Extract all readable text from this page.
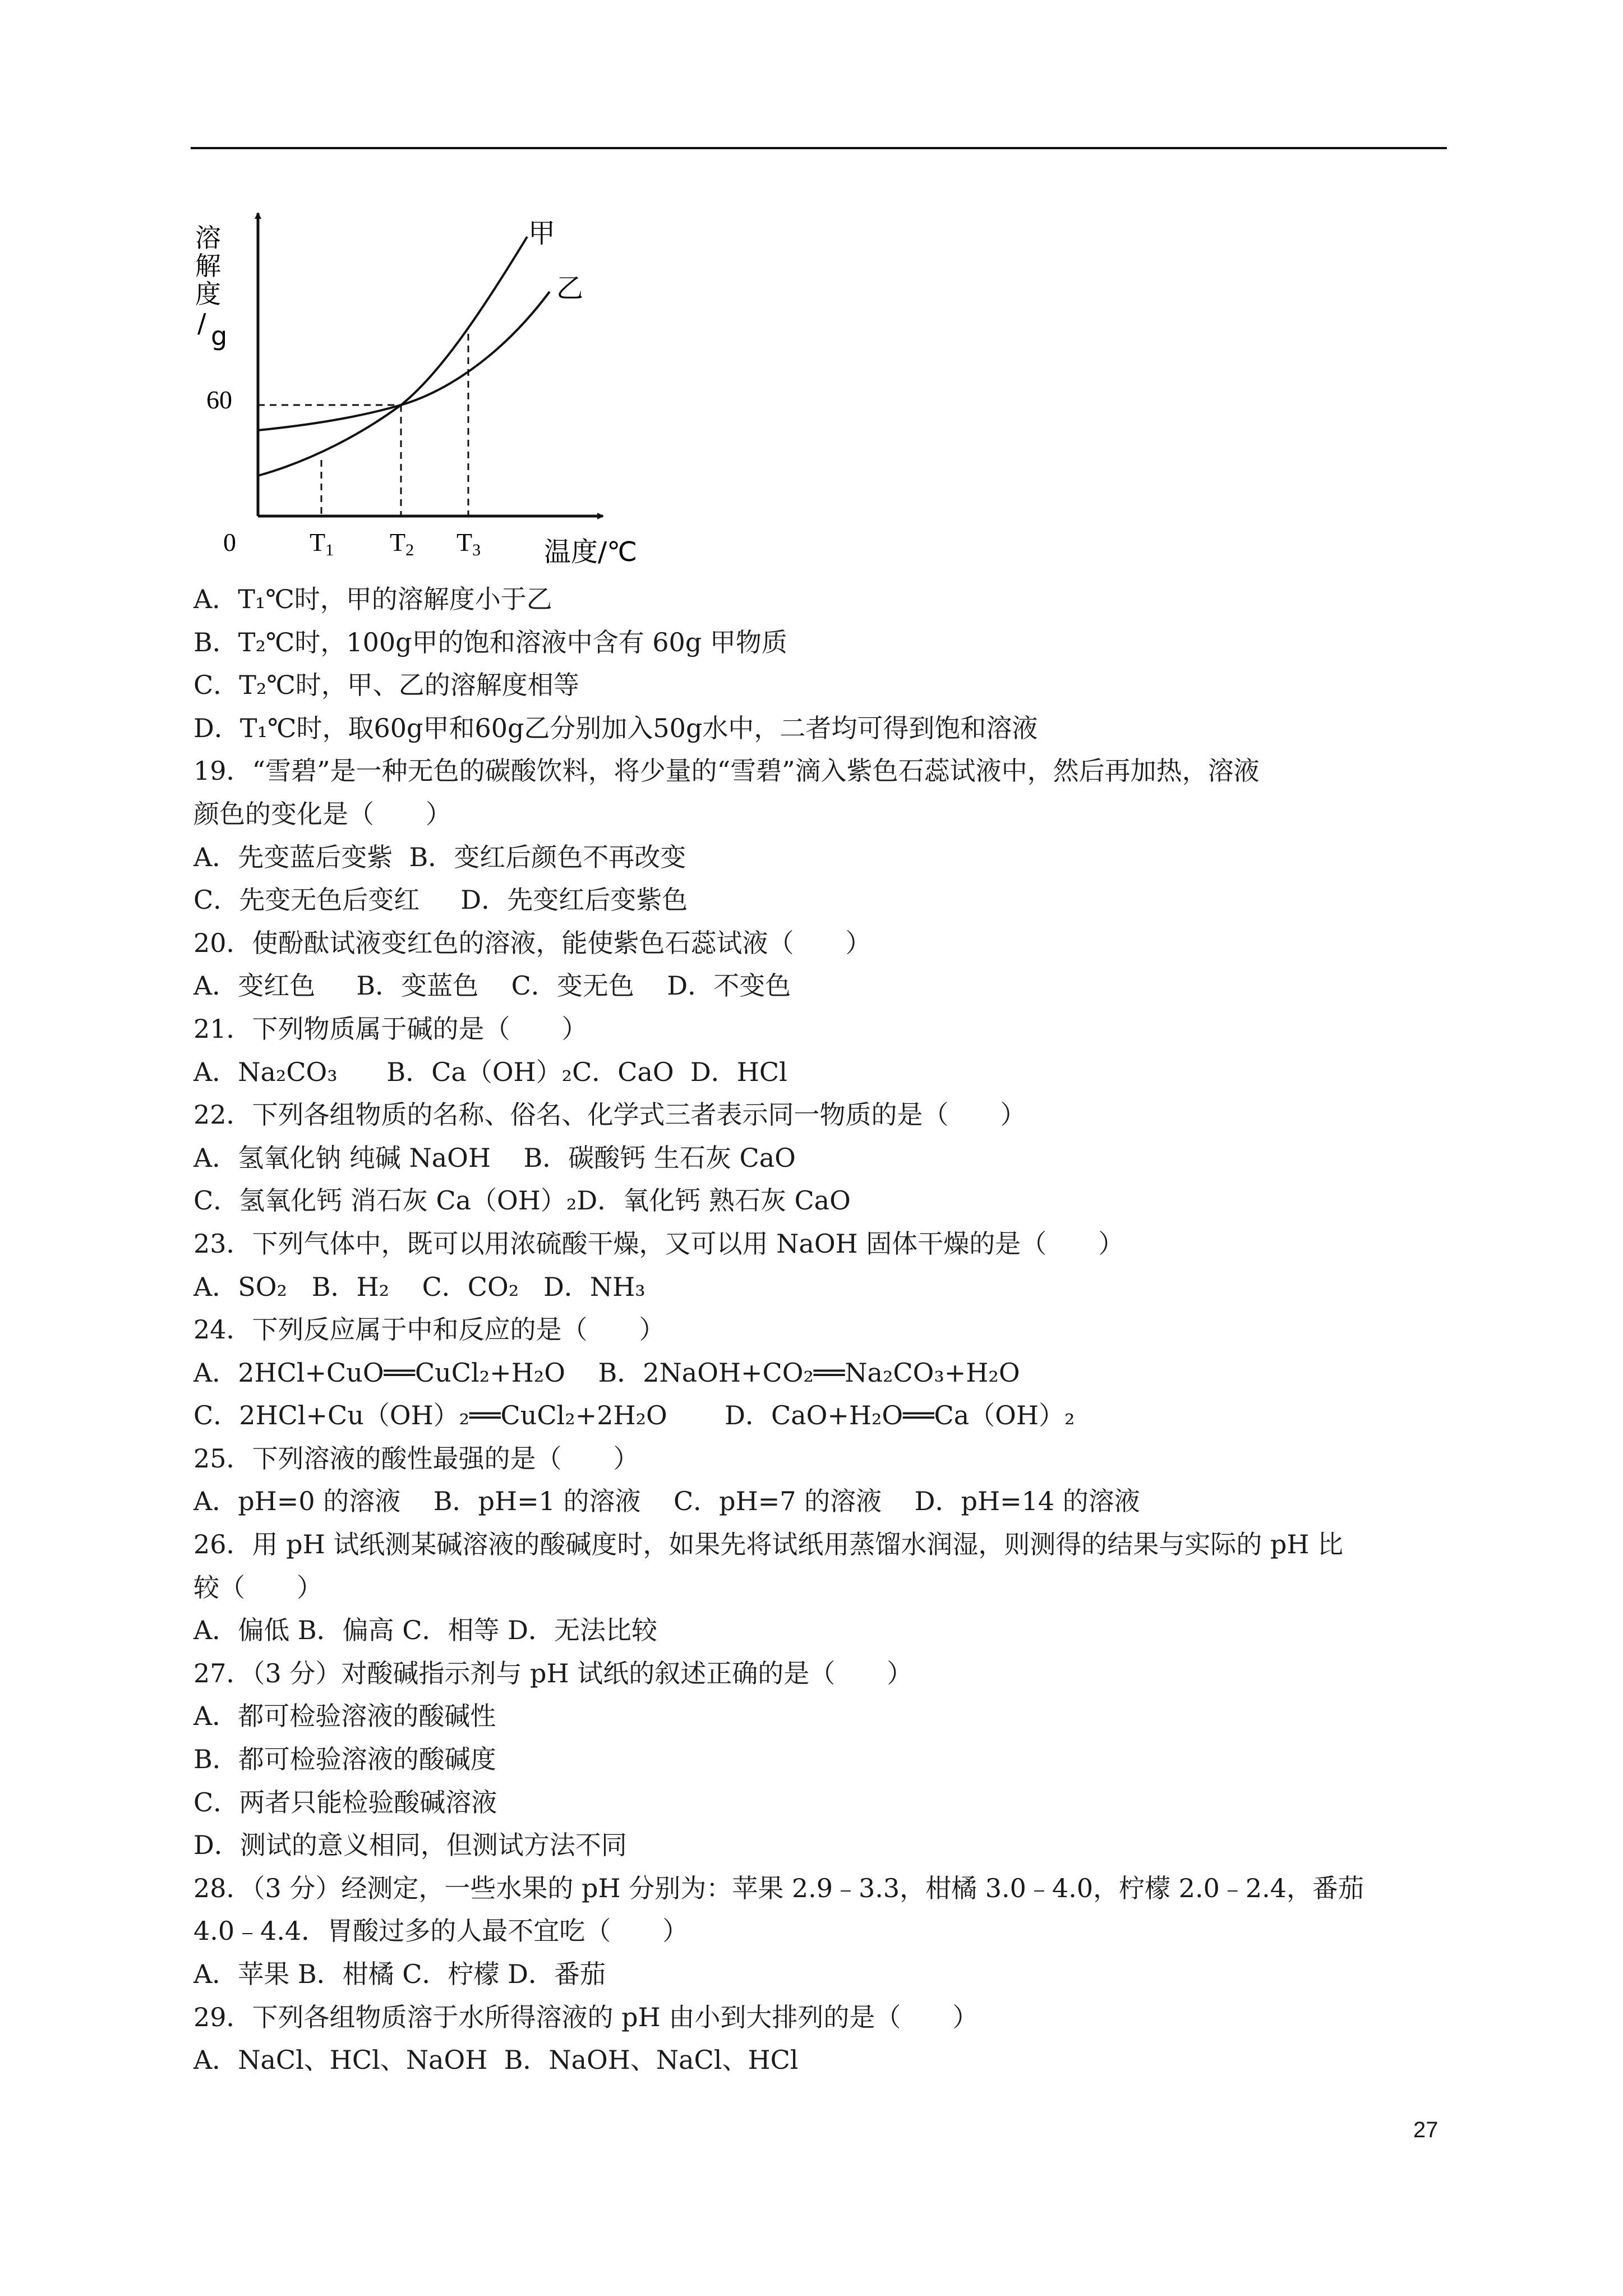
溶
解
度
/ g
60
0
甲
乙
T1 T2 T3 温度/℃
A．T₁℃时，甲的溶解度小于乙
B．T₂℃时，100g甲的饱和溶液中含有 60g 甲物质
C．T₂℃时，甲、乙的溶解度相等
D．T₁℃时，取60g甲和60g乙分别加入50g水中，二者均可得到饱和溶液
19．“雪碧”是一种无色的碳酸饮料，将少量的“雪碧”滴入紫色石蕊试液中，然后再加热，溶液
颜色的变化是（　　）
A．先变蓝后变紫  B．变红后颜色不再改变
C．先变无色后变红     D．先变红后变紫色
20．使酚酞试液变红色的溶液，能使紫色石蕊试液（　　）
A．变红色     B．变蓝色    C．变无色    D．不变色
21．下列物质属于碱的是（　　）
A．Na₂CO₃      B．Ca（OH）₂C．CaO  D．HCl
22．下列各组物质的名称、俗名、化学式三者表示同一物质的是（　　）
A．氢氧化钠 纯碱 NaOH    B．碳酸钙 生石灰 CaO
C．氢氧化钙 消石灰 Ca（OH）₂D．氧化钙 熟石灰 CaO
23．下列气体中，既可以用浓硫酸干燥，又可以用 NaOH 固体干燥的是（　　）
A．SO₂   B．H₂    C．CO₂   D．NH₃
24．下列反应属于中和反应的是（　　）
A．2HCl+CuO══CuCl₂+H₂O    B．2NaOH+CO₂══Na₂CO₃+H₂O
C．2HCl+Cu（OH）₂══CuCl₂+2H₂O       D．CaO+H₂O══Ca（OH）₂
25．下列溶液的酸性最强的是（　　）
A．pH=0 的溶液    B．pH=1 的溶液    C．pH=7 的溶液    D．pH=14 的溶液
26．用 pH 试纸测某碱溶液的酸碱度时，如果先将试纸用蒸馏水润湿，则测得的结果与实际的 pH 比
较（　　）
A．偏低 B．偏高 C．相等 D．无法比较
27．（3 分）对酸碱指示剂与 pH 试纸的叙述正确的是（　　）
A．都可检验溶液的酸碱性
B．都可检验溶液的酸碱度
C．两者只能检验酸碱溶液
D．测试的意义相同，但测试方法不同
28．（3 分）经测定，一些水果的 pH 分别为：苹果 2.9﹣3.3，柑橘 3.0﹣4.0，柠檬 2.0﹣2.4，番茄
4.0﹣4.4．胃酸过多的人最不宜吃（　　）
A．苹果 B．柑橘 C．柠檬 D．番茄
29．下列各组物质溶于水所得溶液的 pH 由小到大排列的是（　　）
A．NaCl、HCl、NaOH  B．NaOH、NaCl、HCl
27
